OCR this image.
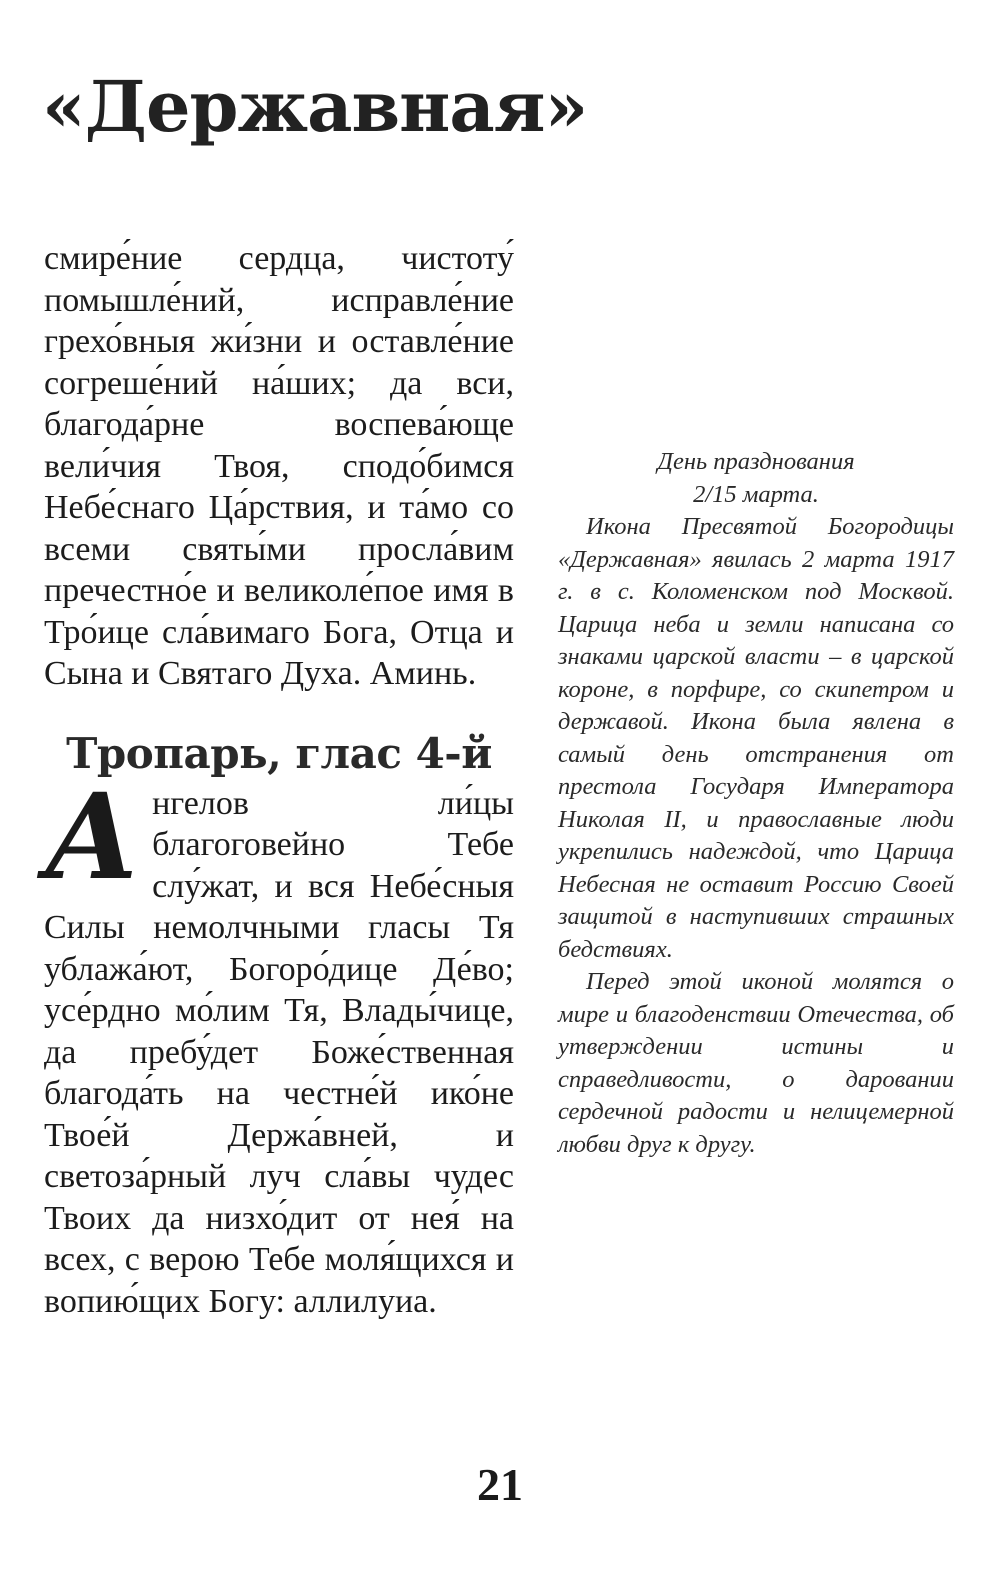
«Державная»

смире́ние сердца, чистоту́ помышле́ний, исправле́ние грехо́вныя жи́зни и оставле́ние согреше́ний на́ших; да вси, благода́рне воспева́юще вели́чия Твоя, сподо́бимся Небе́снаго Ца́рствия, и та́мо со всеми святы́ми просла́вим пречестно́е и великоле́поe имя в Тро́ице сла́вимаго Бога, Отца и Сына и Святаго Духа. Аминь.

Тропарь, глас 4-й

А нгелов ли́цы благоговейно Тебе слу́жат, и вся Небе́сныя Силы немолчными гласы Тя ублажа́ют, Богоро́дице Де́во; усе́рдно мо́лим Тя, Влады́чице, да пребу́дет Боже́ственная благода́ть на честне́й ико́не Твое́й Держа́вней, и светоза́рный луч сла́вы чудес Твоих да низхо́дит от нея́ на всех, с верою Тебе моля́щихся и вопию́щих Богу: аллилуиа.

День празднования
2/15 марта.

Икона Пресвятой Богородицы «Державная» явилась 2 марта 1917 г. в с. Коломенском под Москвой. Царица неба и земли написана со знаками царской власти – в царской короне, в порфире, со скипетром и державой. Икона была явлена в самый день отстранения от престола Государя Императора Николая II, и православные люди укрепились надеждой, что Царица Небесная не оставит Россию Своей защитой в наступивших страшных бедствиях.

Перед этой иконой молятся о мире и благоденствии Отечества, об утверждении истины и справедливости, о даровании сердечной радости и нелицемерной любви друг к другу.

21
